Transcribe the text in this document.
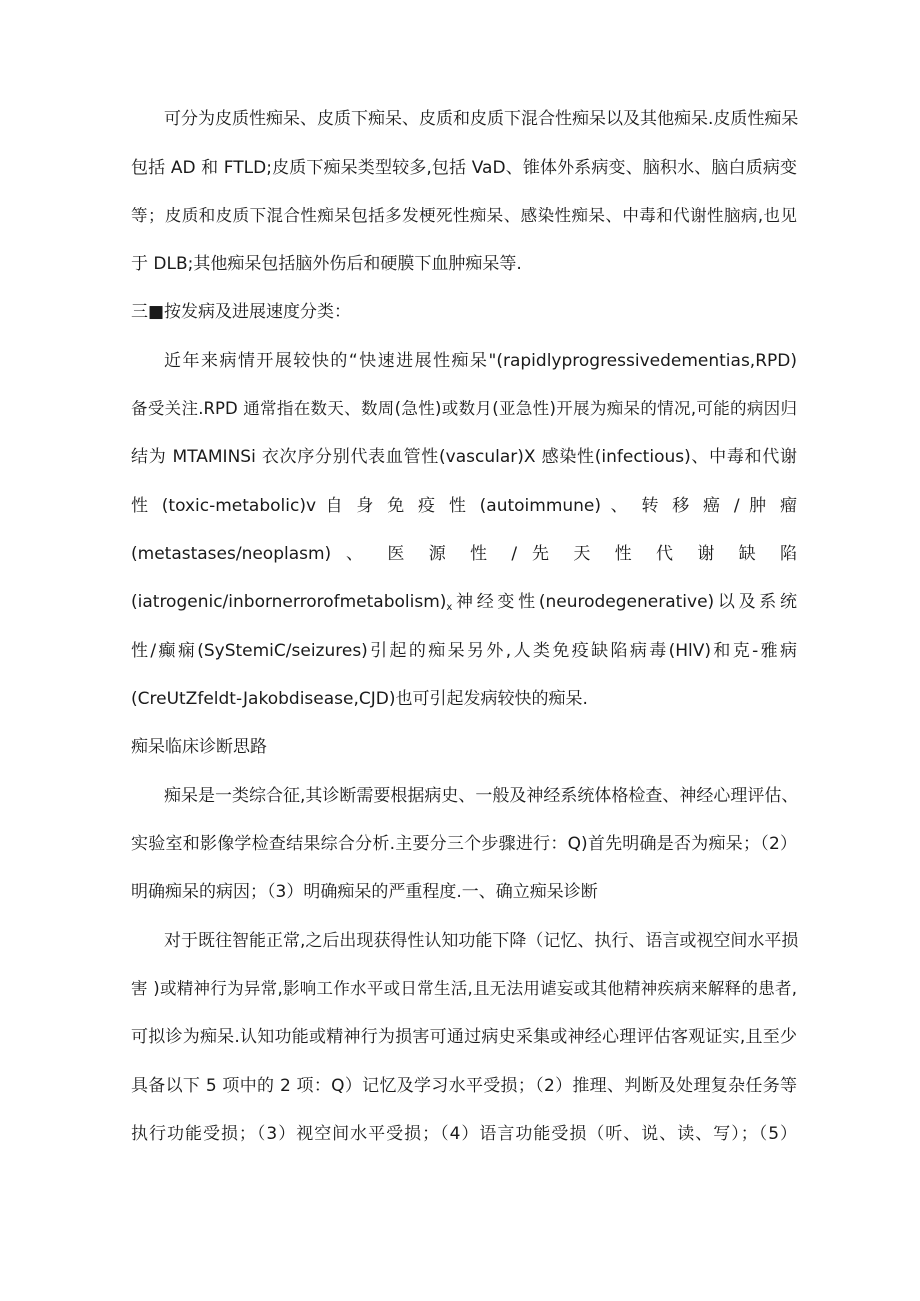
可分为皮质性痴呆、皮质下痴呆、皮质和皮质下混合性痴呆以及其他痴呆.皮质性痴呆
包括 AD 和 FTLD;皮质下痴呆类型较多,包括 VaD、锥体外系病变、脑积水、脑白质病变
等；皮质和皮质下混合性痴呆包括多发梗死性痴呆、感染性痴呆、中毒和代谢性脑病,也见
于 DLB;其他痴呆包括脑外伤后和硬膜下血肿痴呆等.
三■按发病及进展速度分类：
近年来病情开展较快的“快速进展性痴呆"(rapidlyprogressivedementias,RPD)
备受关注.RPD 通常指在数天、数周(急性)或数月(亚急性)开展为痴呆的情况,可能的病因归
结为 MTAMINSi 衣次序分别代表血管性(vascular)X 感染性(infectious)、中毒和代谢
性 (toxic-metabolic)v 自 身 免 疫 性 (autoimmune) 、 转 移 癌 / 肿 瘤
(metastases/neoplasm) 、 医 源 性 / 先 天 性 代 谢 缺 陷
$(iatrogenic/inbornerrorofmetabolism)_x$神经变性(neurodegenerative)以及系统
性/癫痫(SyStemiC/seizures)引起的痴呆另外,人类免疫缺陷病毒(HlV)和克-雅病
(CreUtZfeldt-Jakobdisease,CJD)也可引起发病较快的痴呆.
痴呆临床诊断思路
痴呆是一类综合征,其诊断需要根据病史、一般及神经系统体格检查、神经心理评估、
实验室和影像学检查结果综合分析.主要分三个步骤进行：Q)首先明确是否为痴呆；（2）
明确痴呆的病因；（3）明确痴呆的严重程度.一、确立痴呆诊断
对于既往智能正常,之后出现获得性认知功能下降（记忆、执行、语言或视空间水平损
害 )或精神行为异常,影响工作水平或日常生活,且无法用谑妄或其他精神疾病来解释的患者,
可拟诊为痴呆.认知功能或精神行为损害可通过病史采集或神经心理评估客观证实,且至少
具备以下 5 项中的 2 项：Q）记忆及学习水平受损；（2）推理、判断及处理复杂任务等
执行功能受损；（3）视空间水平受损；（4）语言功能受损（听、说、读、写）；（5）
